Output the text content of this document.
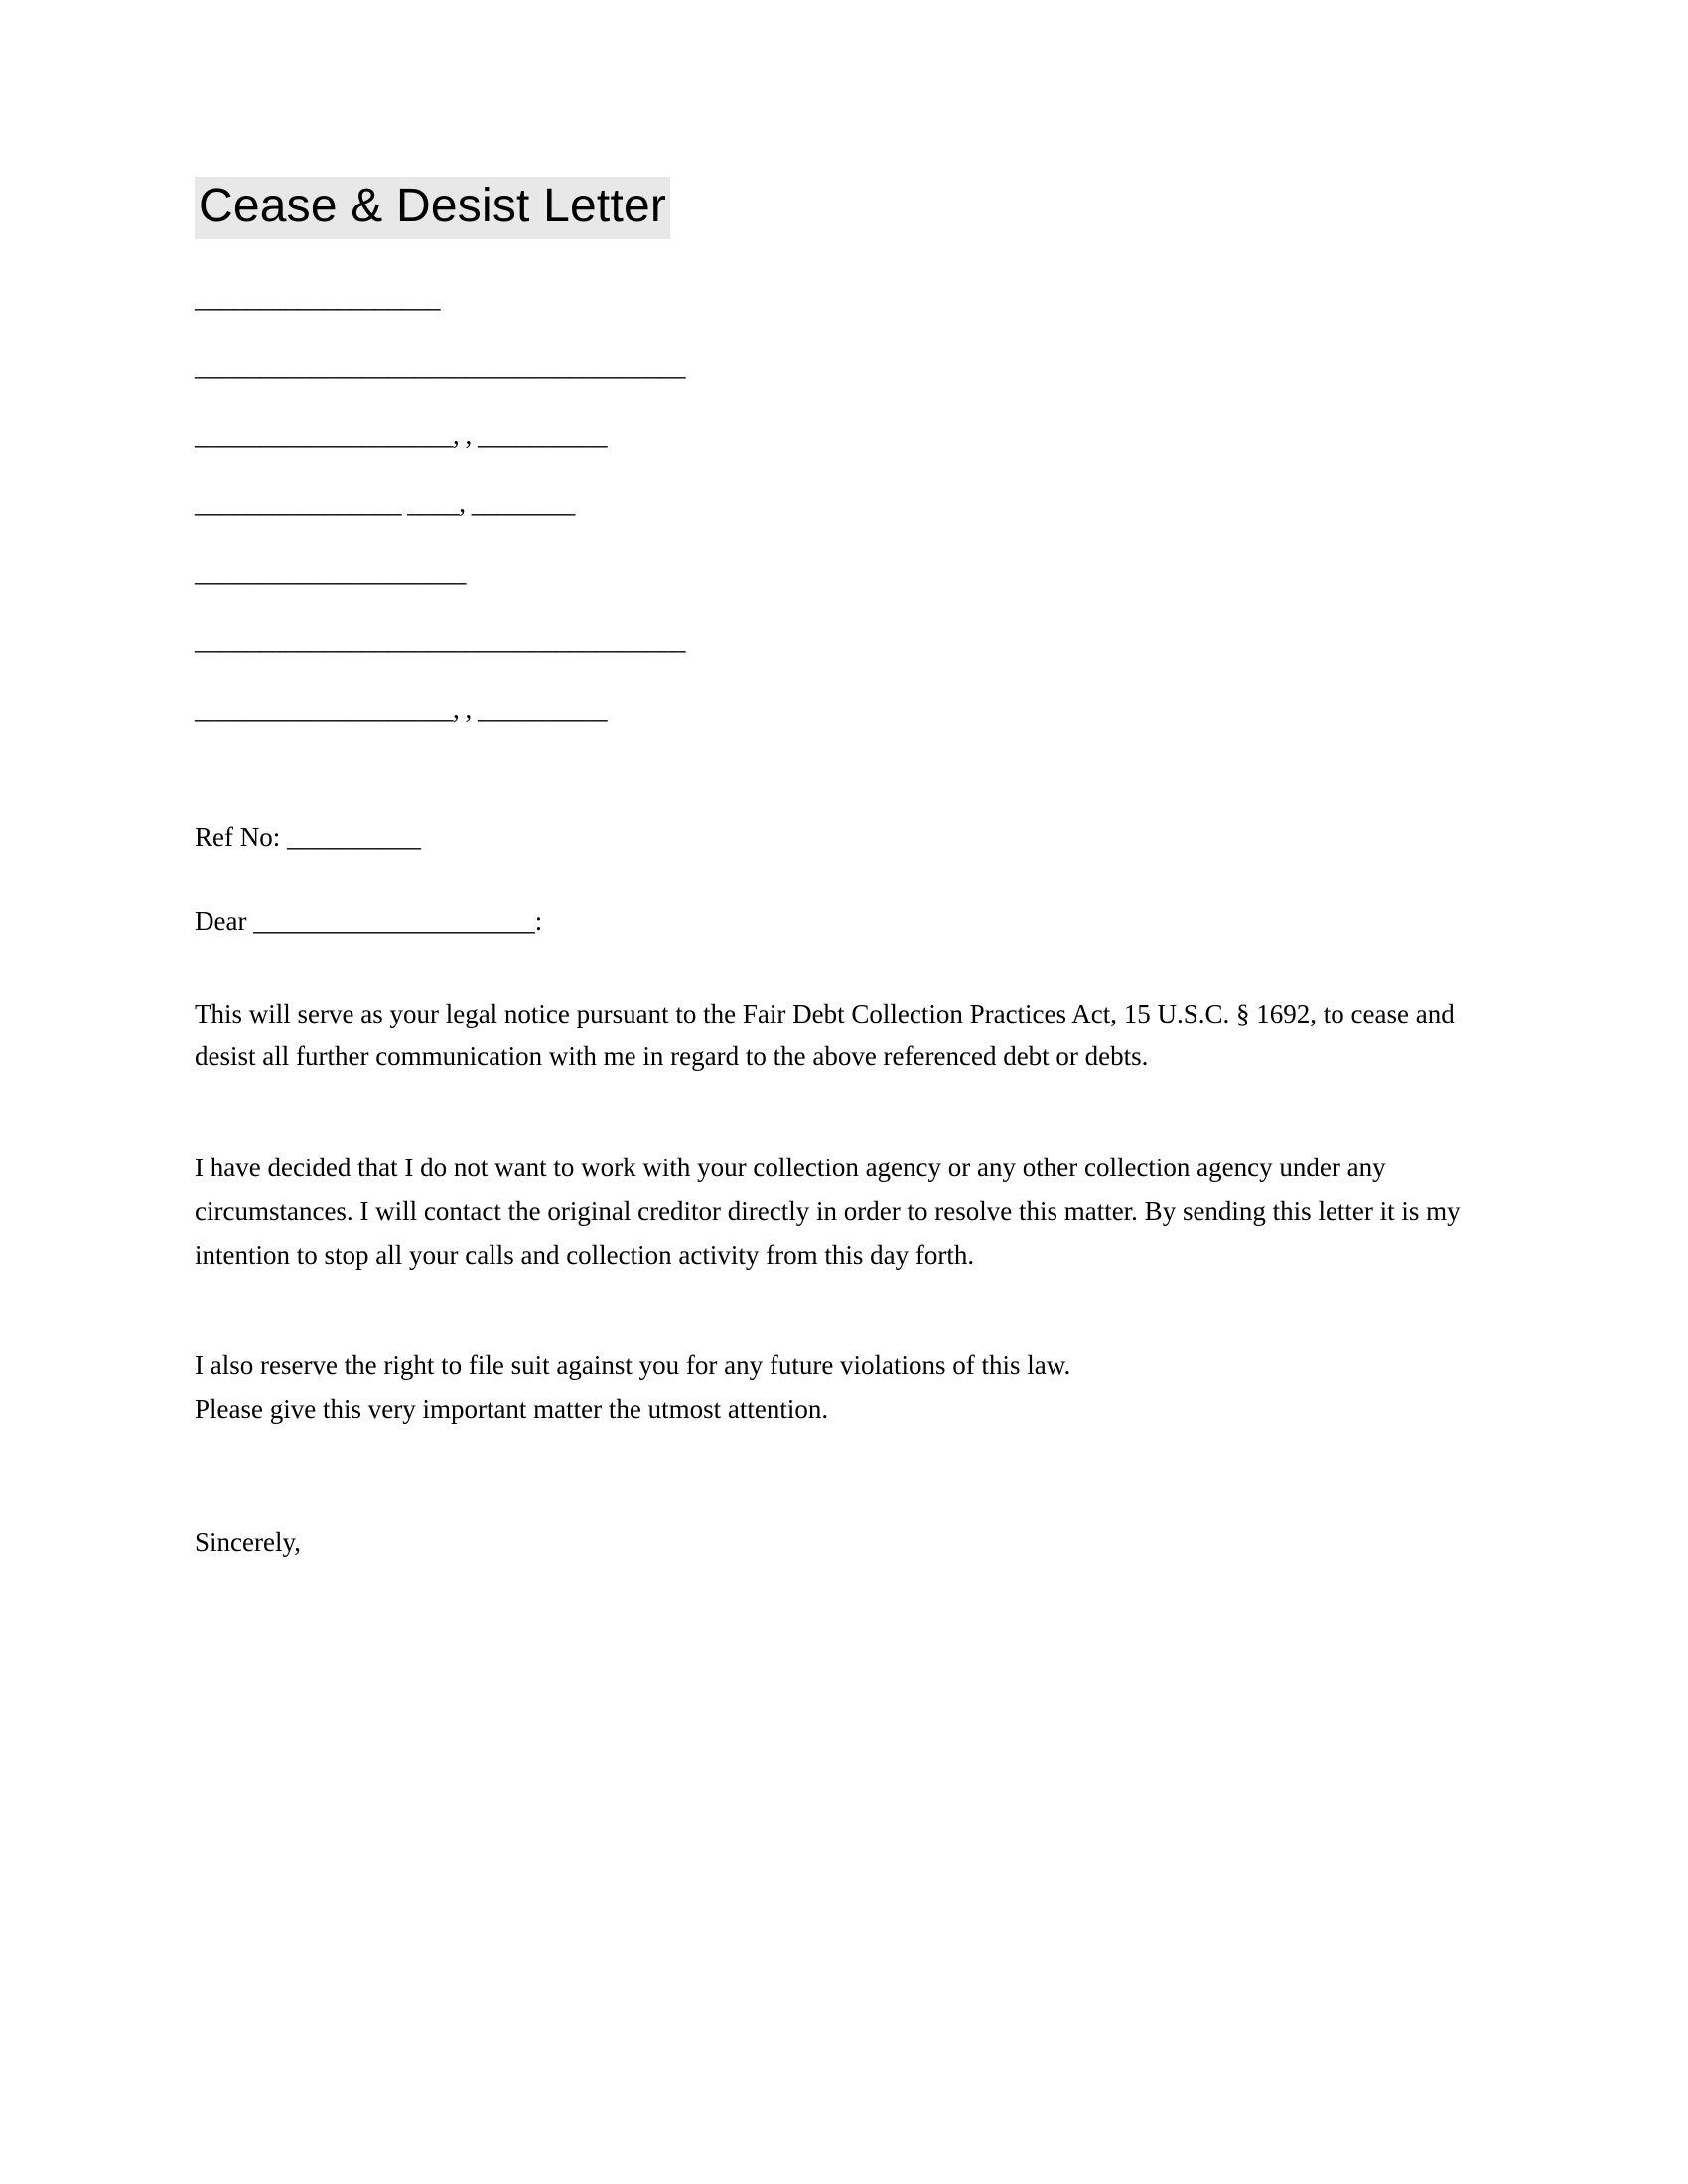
Cease & Desist Letter
___________________
______________________________________
____________________, , __________
________________ ____, ________
_____________________
______________________________________
____________________, , __________
Ref No: __________
Dear _____________________:

This will serve as your legal notice pursuant to the Fair Debt Collection Practices Act, 15 U.S.C. § 1692, to cease and desist all further communication with me in regard to the above referenced debt or debts.

I have decided that I do not want to work with your collection agency or any other collection agency under any circumstances. I will contact the original creditor directly in order to resolve this matter. By sending this letter it is my intention to stop all your calls and collection activity from this day forth.

I also reserve the right to file suit against you for any future violations of this law.

Please give this very important matter the utmost attention.

Sincerely,
